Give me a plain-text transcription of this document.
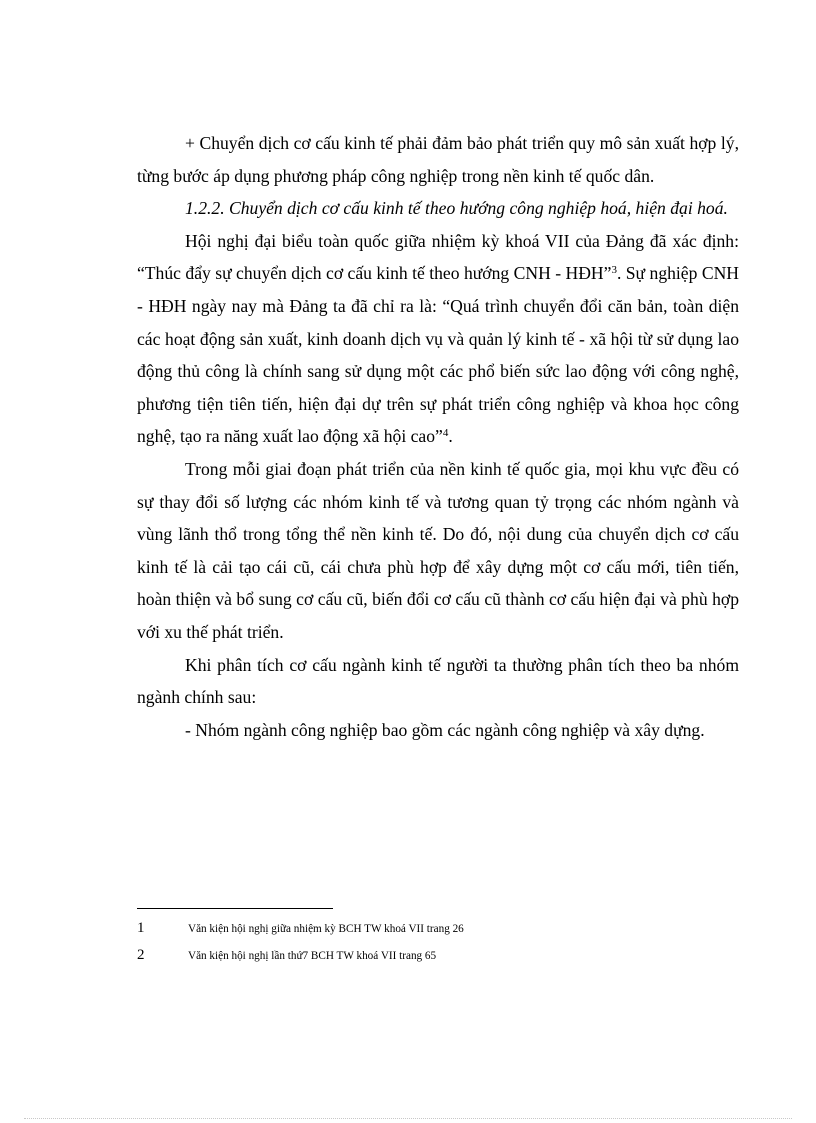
+ Chuyển dịch cơ cấu kinh tế phải đảm bảo phát triển quy mô sản xuất hợp lý, từng bước áp dụng phương pháp công nghiệp trong nền kinh tế quốc dân.

1.2.2. Chuyển dịch cơ cấu kinh tế theo hướng công nghiệp hoá, hiện đại hoá.

Hội nghị đại biểu toàn quốc giữa nhiệm kỳ khoá VII của Đảng đã xác định: “Thúc đẩy sự chuyển dịch cơ cấu kinh tế theo hướng CNH - HĐH”$^3$. Sự nghiệp CNH - HĐH ngày nay mà Đảng ta đã chỉ ra là: “Quá trình chuyển đổi căn bản, toàn diện các hoạt động sản xuất, kinh doanh dịch vụ và quản lý kinh tế - xã hội từ sử dụng lao động thủ công là chính sang sử dụng một các phổ biến sức lao động với công nghệ, phương tiện tiên tiến, hiện đại dự trên sự phát triển công nghiệp và khoa học công nghệ, tạo ra năng xuất lao động xã hội cao”$^4$.

Trong mỗi giai đoạn phát triển của nền kinh tế quốc gia, mọi khu vực đều có sự thay đổi số lượng các nhóm kinh tế và tương quan tỷ trọng các nhóm ngành và vùng lãnh thổ trong tổng thể nền kinh tế. Do đó, nội dung của chuyển dịch cơ cấu kinh tế là cải tạo cái cũ, cái chưa phù hợp để xây dựng một cơ cấu mới, tiên tiến, hoàn thiện và bổ sung cơ cấu cũ, biến đổi cơ cấu cũ thành cơ cấu hiện đại và phù hợp với xu thế phát triển.

Khi phân tích cơ cấu ngành kinh tế người ta thường phân tích theo ba nhóm ngành chính sau:

- Nhóm ngành công nghiệp bao gồm các ngành công nghiệp và xây dựng.

1	Văn kiện hội nghị giữa nhiệm kỳ BCH TW khoá VII trang 26
2	Văn kiện hội nghị lần thứ7 BCH TW khoá VII trang 65
